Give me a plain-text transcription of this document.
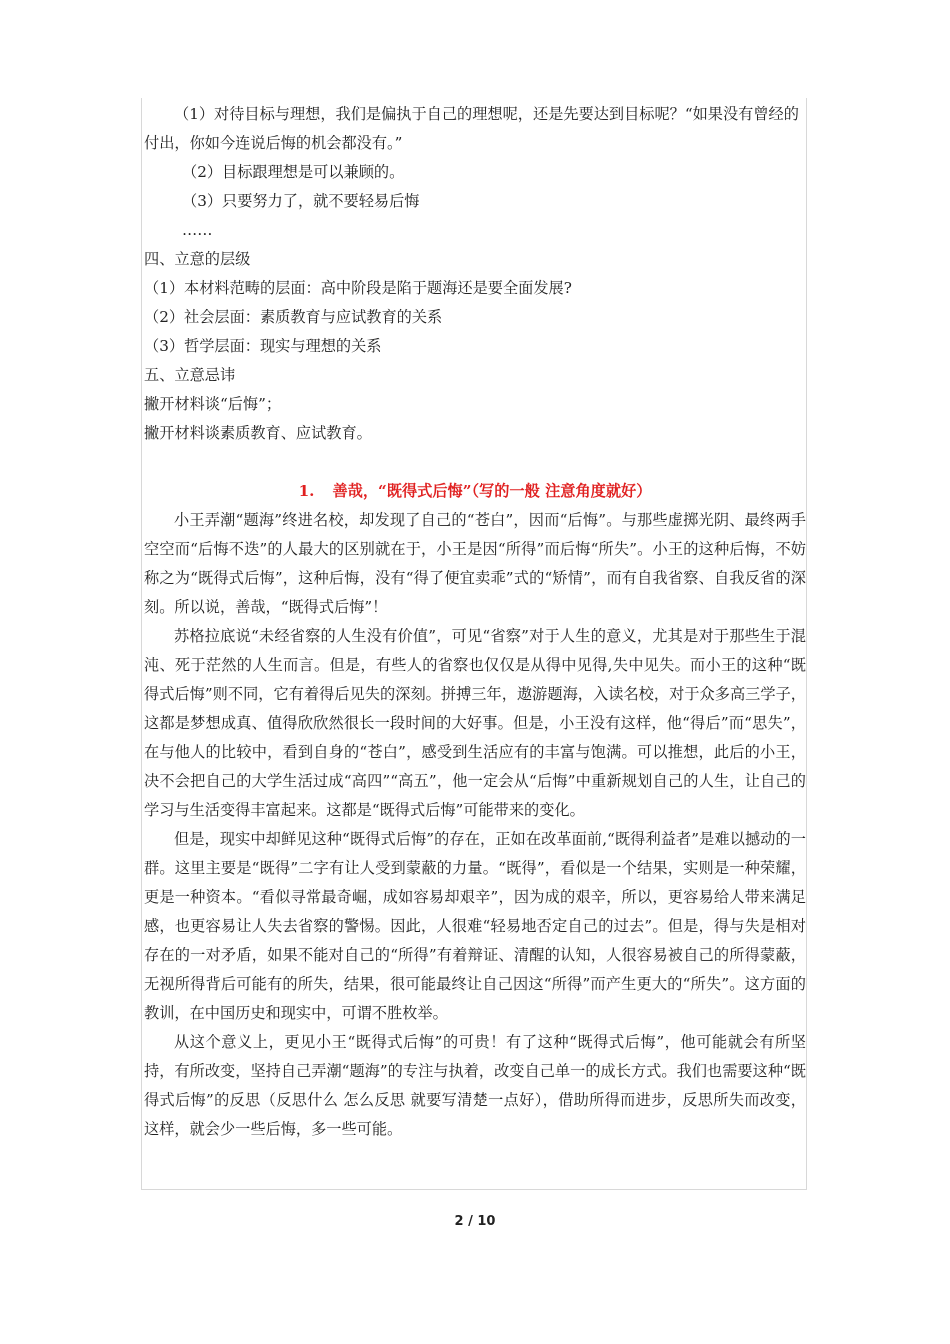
（1）对待目标与理想，我们是偏执于自己的理想呢，还是先要达到目标呢？“如果没有曾经的付出，你如今连说后悔的机会都没有。”

（2）目标跟理想是可以兼顾的。

（3）只要努力了，就不要轻易后悔

……

四、立意的层级

（1）本材料范畴的层面：高中阶段是陷于题海还是要全面发展?

（2）社会层面：素质教育与应试教育的关系

（3）哲学层面：现实与理想的关系

五、立意忌讳

撇开材料谈“后悔”；

撇开材料谈素质教育、应试教育。

1. 善哉，“既得式后悔”（写的一般 注意角度就好）

小王弄潮“题海”终进名校，却发现了自己的“苍白”，因而“后悔”。与那些虚掷光阴、最终两手空空而“后悔不迭”的人最大的区别就在于，小王是因“所得”而后悔“所失”。小王的这种后悔，不妨称之为“既得式后悔”，这种后悔，没有“得了便宜卖乖”式的“矫情”，而有自我省察、自我反省的深刻。所以说，善哉，“既得式后悔”！

苏格拉底说“未经省察的人生没有价值”，可见“省察”对于人生的意义，尤其是对于那些生于混沌、死于茫然的人生而言。但是，有些人的省察也仅仅是从得中见得,失中见失。而小王的这种“既得式后悔”则不同，它有着得后见失的深刻。拼搏三年，遨游题海，入读名校，对于众多高三学子，这都是梦想成真、值得欣欣然很长一段时间的大好事。但是，小王没有这样，他“得后”而“思失”，在与他人的比较中，看到自身的“苍白”，感受到生活应有的丰富与饱满。可以推想，此后的小王，决不会把自己的大学生活过成“高四”“高五”，他一定会从“后悔”中重新规划自己的人生，让自己的学习与生活变得丰富起来。这都是“既得式后悔”可能带来的变化。

但是，现实中却鲜见这种“既得式后悔”的存在，正如在改革面前,“既得利益者”是难以撼动的一群。这里主要是“既得”二字有让人受到蒙蔽的力量。“既得”，看似是一个结果，实则是一种荣耀，更是一种资本。“看似寻常最奇崛，成如容易却艰辛”，因为成的艰辛，所以，更容易给人带来满足感，也更容易让人失去省察的警惕。因此，人很难“轻易地否定自己的过去”。但是，得与失是相对存在的一对矛盾，如果不能对自己的“所得”有着辩证、清醒的认知，人很容易被自己的所得蒙蔽，无视所得背后可能有的所失，结果，很可能最终让自己因这“所得”而产生更大的“所失”。这方面的教训，在中国历史和现实中，可谓不胜枚举。

从这个意义上，更见小王“既得式后悔”的可贵！有了这种“既得式后悔”，他可能就会有所坚持，有所改变，坚持自己弄潮“题海”的专注与执着，改变自己单一的成长方式。我们也需要这种“既得式后悔”的反思（反思什么 怎么反思 就要写清楚一点好），借助所得而进步，反思所失而改变，这样，就会少一些后悔，多一些可能。

2 / 10
